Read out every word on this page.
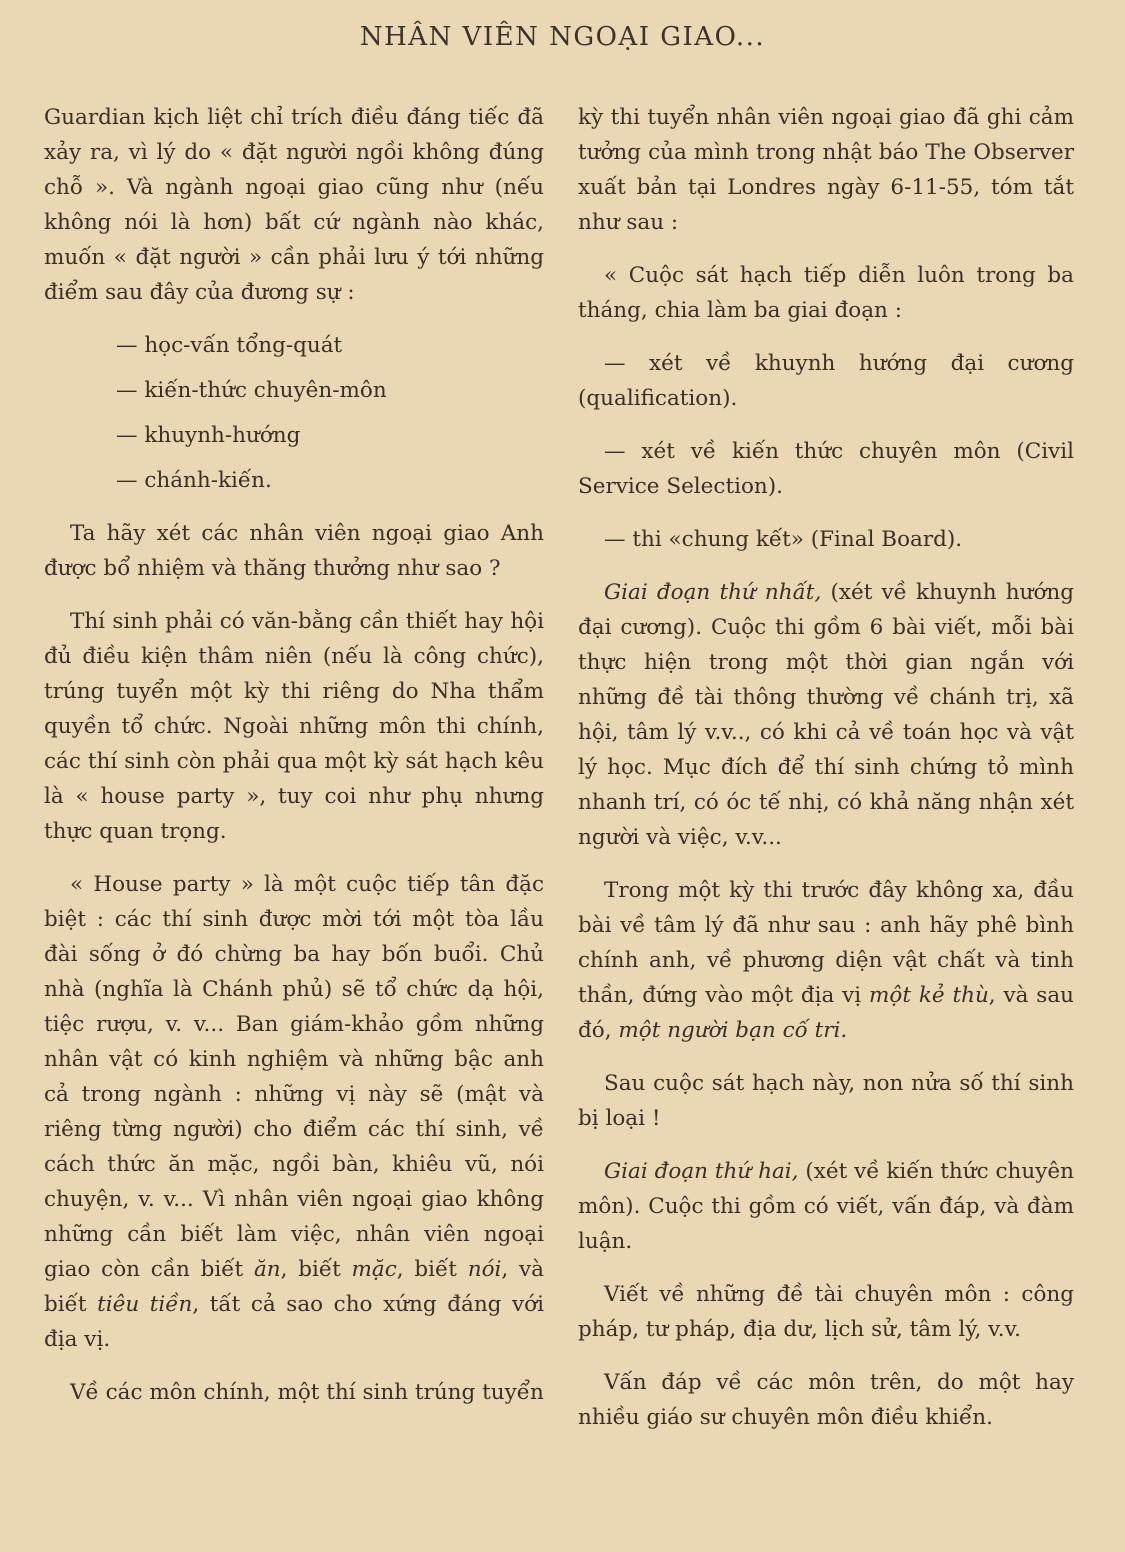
NHÂN VIÊN NGOẠI GIAO...

Guardian kịch liệt chỉ trích điều đáng tiếc đã xảy ra, vì lý do « đặt người ngồi không đúng chỗ ». Và ngành ngoại giao cũng như (nếu không nói là hơn) bất cứ ngành nào khác, muốn « đặt người » cần phải lưu ý tới những điểm sau đây của đương sự :

— học-vấn tổng-quát
— kiến-thức chuyên-môn
— khuynh-hướng
— chánh-kiến.

Ta hãy xét các nhân viên ngoại giao Anh được bổ nhiệm và thăng thưởng như sao ?

Thí sinh phải có văn-bằng cần thiết hay hội đủ điều kiện thâm niên (nếu là công chức), trúng tuyển một kỳ thi riêng do Nha thẩm quyền tổ chức. Ngoài những môn thi chính, các thí sinh còn phải qua một kỳ sát hạch kêu là « house party », tuy coi như phụ nhưng thực quan trọng.

« House party » là một cuộc tiếp tân đặc biệt : các thí sinh được mời tới một tòa lầu đài sống ở đó chừng ba hay bốn buổi. Chủ nhà (nghĩa là Chánh phủ) sẽ tổ chức dạ hội, tiệc rượu, v. v... Ban giám-khảo gồm những nhân vật có kinh nghiệm và những bậc anh cả trong ngành : những vị này sẽ (mật và riêng từng người) cho điểm các thí sinh, về cách thức ăn mặc, ngồi bàn, khiêu vũ, nói chuyện, v. v... Vì nhân viên ngoại giao không những cần biết làm việc, nhân viên ngoại giao còn cần biết ăn, biết mặc, biết nói, và biết tiêu tiền, tất cả sao cho xứng đáng với địa vị.

Về các môn chính, một thí sinh trúng tuyển

kỳ thi tuyển nhân viên ngoại giao đã ghi cảm tưởng của mình trong nhật báo The Observer xuất bản tại Londres ngày 6-11-55, tóm tắt như sau :

« Cuộc sát hạch tiếp diễn luôn trong ba tháng, chia làm ba giai đoạn :

— xét về khuynh hướng đại cương (qualification).

— xét về kiến thức chuyên môn (Civil Service Selection).

— thi «chung kết» (Final Board).

Giai đoạn thứ nhất, (xét về khuynh hướng đại cương). Cuộc thi gồm 6 bài viết, mỗi bài thực hiện trong một thời gian ngắn với những đề tài thông thường về chánh trị, xã hội, tâm lý v.v.., có khi cả về toán học và vật lý học. Mục đích để thí sinh chứng tỏ mình nhanh trí, có óc tế nhị, có khả năng nhận xét người và việc, v.v...

Trong một kỳ thi trước đây không xa, đầu bài về tâm lý đã như sau : anh hãy phê bình chính anh, về phương diện vật chất và tinh thần, đứng vào một địa vị một kẻ thù, và sau đó, một người bạn cố tri.

Sau cuộc sát hạch này, non nửa số thí sinh bị loại !

Giai đoạn thứ hai, (xét về kiến thức chuyên môn). Cuộc thi gồm có viết, vấn đáp, và đàm luận.

Viết về những đề tài chuyên môn : công pháp, tư pháp, địa dư, lịch sử, tâm lý, v.v.

Vấn đáp về các môn trên, do một hay nhiều giáo sư chuyên môn điều khiển.
